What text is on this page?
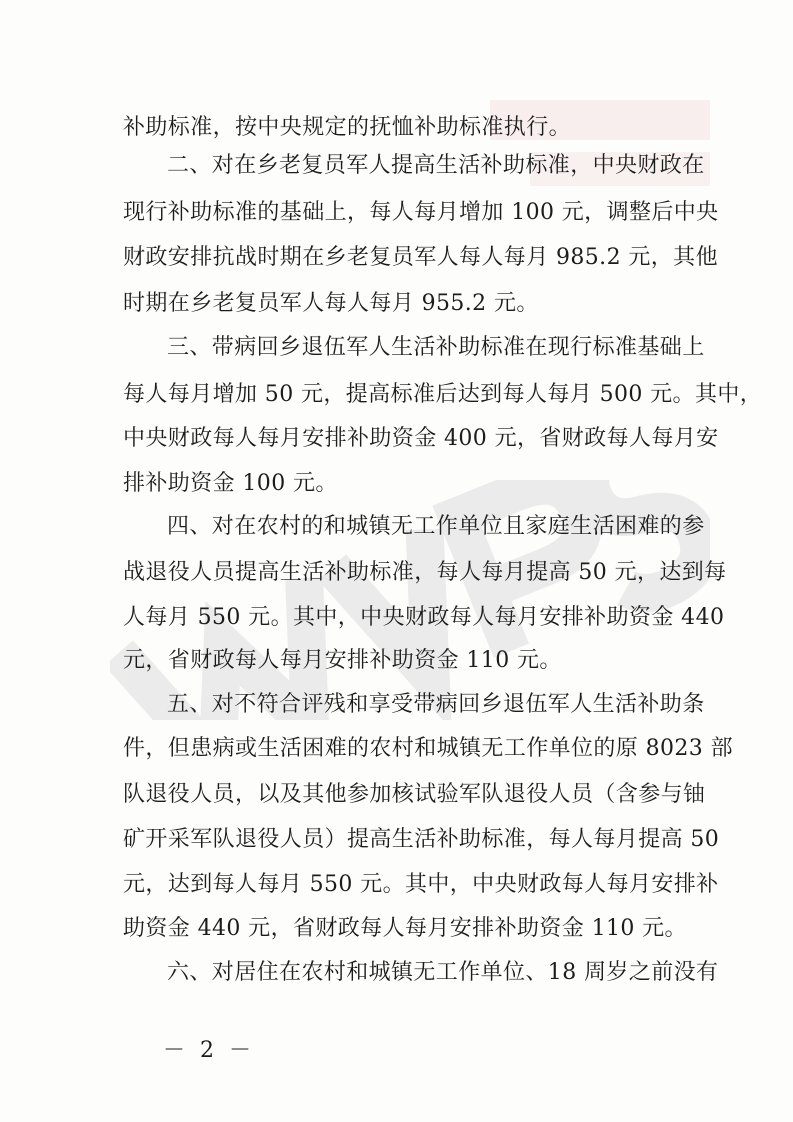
补助标准，按中央规定的抚恤补助标准执行。
二、对在乡老复员军人提高生活补助标准，中央财政在
现行补助标准的基础上，每人每月增加 100 元，调整后中央
财政安排抗战时期在乡老复员军人每人每月 985.2 元，其他
时期在乡老复员军人每人每月 955.2 元。
三、带病回乡退伍军人生活补助标准在现行标准基础上
每人每月增加 50 元，提高标准后达到每人每月 500 元。其中，
中央财政每人每月安排补助资金 400 元，省财政每人每月安
排补助资金 100 元。
四、对在农村的和城镇无工作单位且家庭生活困难的参
战退役人员提高生活补助标准，每人每月提高 50 元，达到每
人每月 550 元。其中，中央财政每人每月安排补助资金 440
元，省财政每人每月安排补助资金 110 元。
五、对不符合评残和享受带病回乡退伍军人生活补助条
件，但患病或生活困难的农村和城镇无工作单位的原 8023 部
队退役人员，以及其他参加核试验军队退役人员（含参与铀
矿开采军队退役人员）提高生活补助标准，每人每月提高 50
元，达到每人每月 550 元。其中，中央财政每人每月安排补
助资金 440 元，省财政每人每月安排补助资金 110 元。
六、对居住在农村和城镇无工作单位、18 周岁之前没有
－ 2 －
